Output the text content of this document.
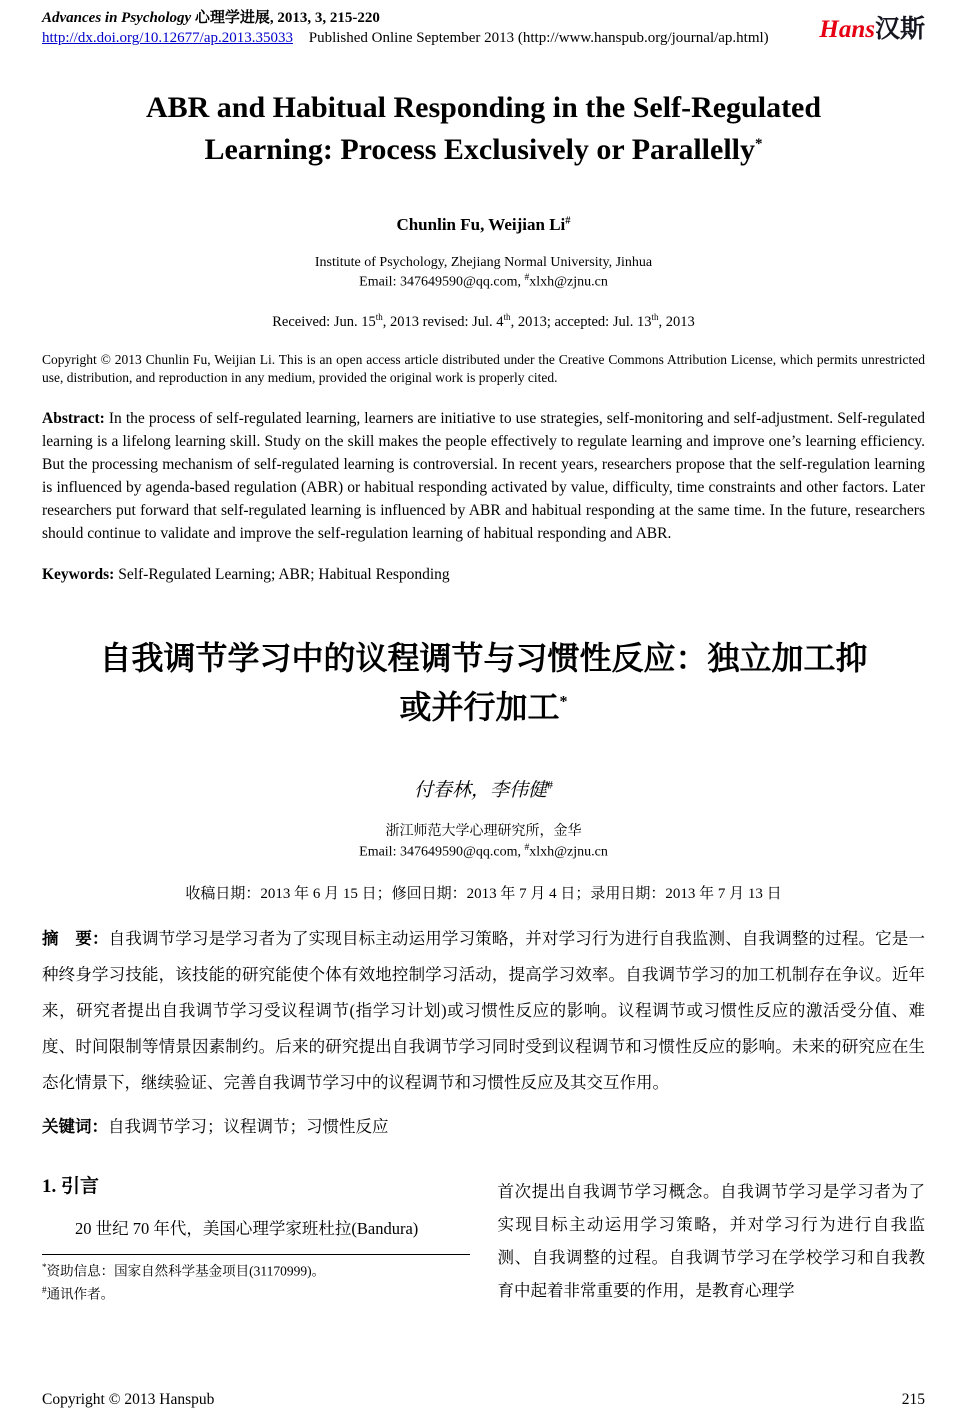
Advances in Psychology 心理学进展, 2013, 3, 215-220
http://dx.doi.org/10.12677/ap.2013.35033 Published Online September 2013 (http://www.hanspub.org/journal/ap.html) Hans汉斯
ABR and Habitual Responding in the Self-Regulated
Learning: Process Exclusively or Parallelly*

Chunlin Fu, Weijian Li#

Institute of Psychology, Zhejiang Normal University, Jinhua

Email: 347649590@qq.com, #xlxh@zjnu.cn

Received: Jun. 15th, 2013 revised: Jul. 4th, 2013; accepted: Jul. 13th, 2013

Copyright © 2013 Chunlin Fu, Weijian Li. This is an open access article distributed under the Creative Commons Attribution License, which permits unrestricted use, distribution, and reproduction in any medium, provided the original work is properly cited.

Abstract: In the process of self-regulated learning, learners are initiative to use strategies, self-monitoring and self-adjustment. Self-regulated learning is a lifelong learning skill. Study on the skill makes the people effectively to regulate learning and improve one’s learning efficiency. But the processing mechanism of self-regulated learning is controversial. In recent years, researchers propose that the self-regulation learning is influenced by agenda-based regulation (ABR) or habitual responding activated by value, difficulty, time constraints and other factors. Later researchers put forward that self-regulated learning is influenced by ABR and habitual responding at the same time. In the future, researchers should continue to validate and improve the self-regulation learning of habitual responding and ABR.

Keywords: Self-Regulated Learning; ABR; Habitual Responding

自我调节学习中的议程调节与习惯性反应：独立加工抑
或并行加工*

付春林，李伟健#

浙江师范大学心理研究所，金华

Email: 347649590@qq.com, #xlxh@zjnu.cn

收稿日期：2013 年 6 月 15 日；修回日期：2013 年 7 月 4 日；录用日期：2013 年 7 月 13 日

摘　要：自我调节学习是学习者为了实现目标主动运用学习策略，并对学习行为进行自我监测、自我调整的过程。它是一种终身学习技能，该技能的研究能使个体有效地控制学习活动，提高学习效率。自我调节学习的加工机制存在争议。近年来，研究者提出自我调节学习受议程调节(指学习计划)或习惯性反应的影响。议程调节或习惯性反应的激活受分值、难度、时间限制等情景因素制约。后来的研究提出自我调节学习同时受到议程调节和习惯性反应的影响。未来的研究应在生态化情景下，继续验证、完善自我调节学习中的议程调节和习惯性反应及其交互作用。

关键词：自我调节学习；议程调节；习惯性反应

1. 引言

20 世纪 70 年代，美国心理学家班杜拉(Bandura)

*资助信息：国家自然科学基金项目(31170999)。

#通讯作者。

首次提出自我调节学习概念。自我调节学习是学习者为了实现目标主动运用学习策略，并对学习行为进行自我监测、自我调整的过程。自我调节学习在学校学习和自我教育中起着非常重要的作用，是教育心理学

Copyright © 2013 Hanspub	215
